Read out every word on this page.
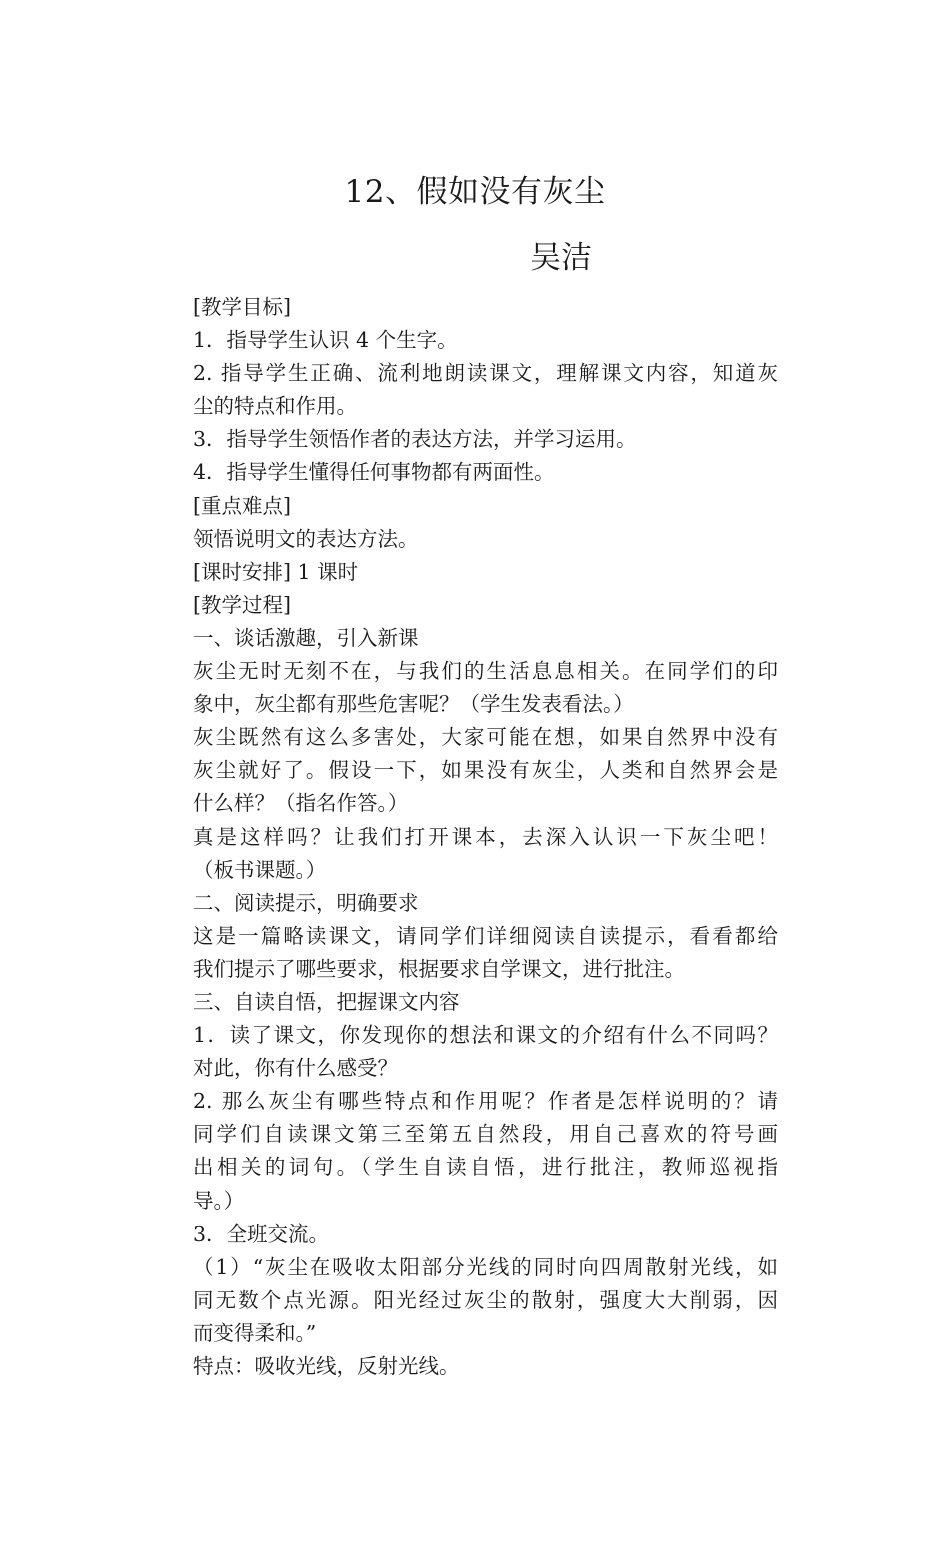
12、假如没有灰尘
吴洁
[教学目标]
1．指导学生认识 4 个生字。
2. 指导学生正确、流利地朗读课文，理解课文内容，知道灰
尘的特点和作用。
3．指导学生领悟作者的表达方法，并学习运用。
4．指导学生懂得任何事物都有两面性。
[重点难点]
领悟说明文的表达方法。
[课时安排] 1 课时
[教学过程]
一、谈话激趣，引入新课
灰尘无时无刻不在，与我们的生活息息相关。在同学们的印
象中，灰尘都有那些危害呢？（学生发表看法。）
灰尘既然有这么多害处，大家可能在想，如果自然界中没有
灰尘就好了。假设一下，如果没有灰尘，人类和自然界会是
什么样？（指名作答。）
真是这样吗？让我们打开课本，去深入认识一下灰尘吧！
（板书课题。）
二、阅读提示，明确要求
这是一篇略读课文，请同学们详细阅读自读提示，看看都给
我们提示了哪些要求，根据要求自学课文，进行批注。
三、自读自悟，把握课文内容
1．读了课文，你发现你的想法和课文的介绍有什么不同吗？
对此，你有什么感受？
2. 那么灰尘有哪些特点和作用呢？作者是怎样说明的？请
同学们自读课文第三至第五自然段，用自己喜欢的符号画
出相关的词句。（学生自读自悟，进行批注，教师巡视指
导。）
3．全班交流。
（1）“灰尘在吸收太阳部分光线的同时向四周散射光线，如
同无数个点光源。阳光经过灰尘的散射，强度大大削弱，因
而变得柔和。”
特点：吸收光线，反射光线。
